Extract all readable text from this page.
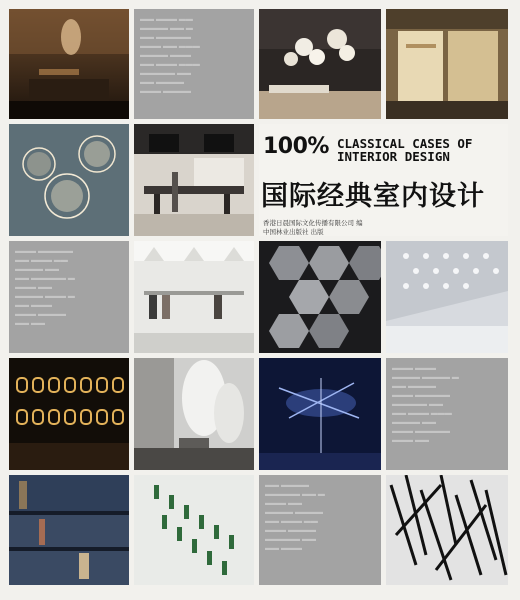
▬▬ ▬▬▬ ▬▬
▬▬▬▬ ▬▬ ▬
▬▬ ▬▬▬▬▬
▬▬▬ ▬▬ ▬▬▬
▬▬▬▬ ▬▬▬
▬▬ ▬▬▬ ▬▬▬
▬▬▬▬▬ ▬▬
▬▬ ▬▬▬▬
▬▬▬ ▬▬▬▬
100% CLASSICAL CASES OF
INTERIOR DESIGN
国际经典室内设计
香港日晨国际文化传播有限公司 编
中国林业出版社 出版
▬▬▬ ▬▬▬▬▬
▬▬ ▬▬▬ ▬▬
▬▬▬▬ ▬▬
▬▬ ▬▬▬▬▬ ▬
▬▬▬ ▬▬
▬▬▬▬ ▬▬▬ ▬
▬▬ ▬▬▬
▬▬▬ ▬▬▬▬
▬▬ ▬▬
▬▬▬ ▬▬▬
▬▬▬▬ ▬▬▬▬ ▬
▬▬ ▬▬▬▬
▬▬▬ ▬▬▬▬▬
▬▬▬▬▬ ▬▬
▬▬ ▬▬▬ ▬▬▬
▬▬▬▬ ▬▬
▬▬▬ ▬▬▬▬▬
▬▬▬ ▬▬
▬▬ ▬▬▬▬
▬▬▬▬▬ ▬▬ ▬
▬▬▬ ▬▬
▬▬▬▬ ▬▬▬▬
▬▬ ▬▬▬ ▬▬
▬▬▬ ▬▬▬▬
▬▬▬▬▬ ▬▬
▬▬ ▬▬▬
